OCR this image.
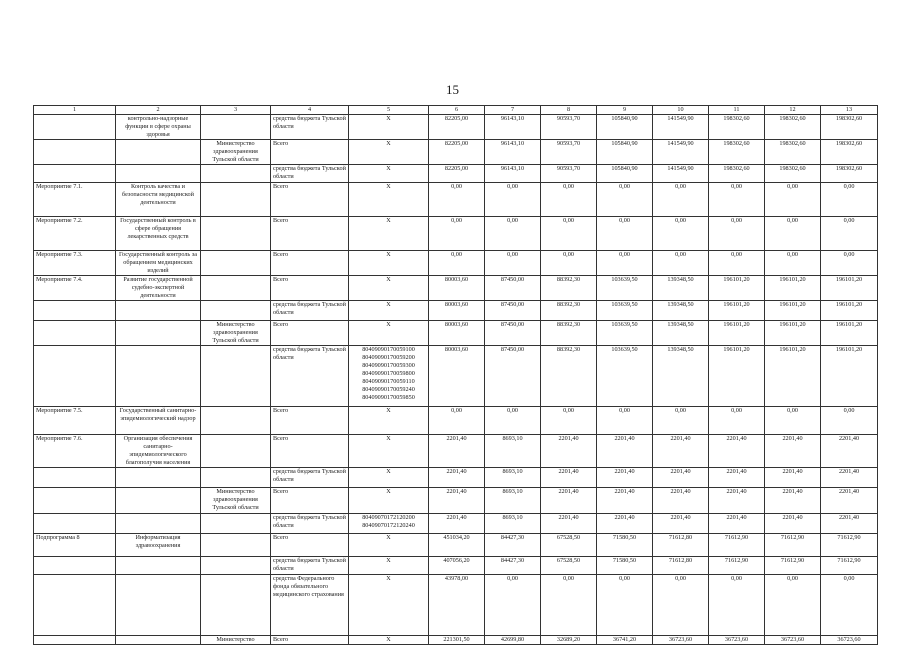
15
1	2	3	4	5	6	7	8	9	10	11	12	13
	контрольно-надзорные функции в сфере охраны здоровья		средства бюджета Тульской области	Х	82205,00	96143,10	90593,70	105840,90	141549,90	198302,60	198302,60	198302,60
		Министерство здравоохранения Тульской области	Всего	Х	82205,00	96143,10	90593,70	105840,90	141549,90	198302,60	198302,60	198302,60
			средства бюджета Тульской области	Х	82205,00	96143,10	90593,70	105840,90	141549,90	198302,60	198302,60	198302,60
Мероприятие 7.1.	Контроль качества и безопасности медицинской деятельности		Всего	Х	0,00	0,00	0,00	0,00	0,00	0,00	0,00	0,00
Мероприятие 7.2.	Государственный контроль в сфере обращения лекарственных средств		Всего	Х	0,00	0,00	0,00	0,00	0,00	0,00	0,00	0,00
Мероприятие 7.3.	Государственный контроль за обращением медицинских изделий		Всего	Х	0,00	0,00	0,00	0,00	0,00	0,00	0,00	0,00
Мероприятие 7.4.	Развитие государственной судебно-экспертной деятельности		Всего	Х	80003,60	87450,00	88392,30	103639,50	139348,50	196101,20	196101,20	196101,20
			средства бюджета Тульской области	Х	80003,60	87450,00	88392,30	103639,50	139348,50	196101,20	196101,20	196101,20
		Министерство здравоохранения Тульской области	Всего	Х	80003,60	87450,00	88392,30	103639,50	139348,50	196101,20	196101,20	196101,20
			средства бюджета Тульской области	80409090170059100 80409090170059200 80409090170059300 80409090170059800 80409090170059110 80409090170059240 80409090170059850	80003,60	87450,00	88392,30	103639,50	139348,50	196101,20	196101,20	196101,20
Мероприятие 7.5.	Государственный санитарно-эпидемиологический надзор		Всего	Х	0,00	0,00	0,00	0,00	0,00	0,00	0,00	0,00
Мероприятие 7.6.	Организация обеспечения санитарно-эпидемиологического благополучия населения		Всего	Х	2201,40	8693,10	2201,40	2201,40	2201,40	2201,40	2201,40	2201,40
			средства бюджета Тульской области	Х	2201,40	8693,10	2201,40	2201,40	2201,40	2201,40	2201,40	2201,40
		Министерство здравоохранения Тульской области	Всего	Х	2201,40	8693,10	2201,40	2201,40	2201,40	2201,40	2201,40	2201,40
			средства бюджета Тульской области	80409070172120200 80409070172120240	2201,40	8693,10	2201,40	2201,40	2201,40	2201,40	2201,40	2201,40
Подпрограмма 8	Информатизация здравоохранения		Всего	Х	451034,20	84427,30	67528,50	71580,50	71612,80	71612,90	71612,90	71612,90
			средства бюджета Тульской области	Х	407056,20	84427,30	67528,50	71580,50	71612,80	71612,90	71612,90	71612,90
			средства Федерального фонда обязательного медицинского страхования	Х	43978,00	0,00	0,00	0,00	0,00	0,00	0,00	0,00
		Министерство	Всего	Х	221301,50	42699,80	32689,20	36741,20	36723,60	36723,60	36723,60	36723,60
